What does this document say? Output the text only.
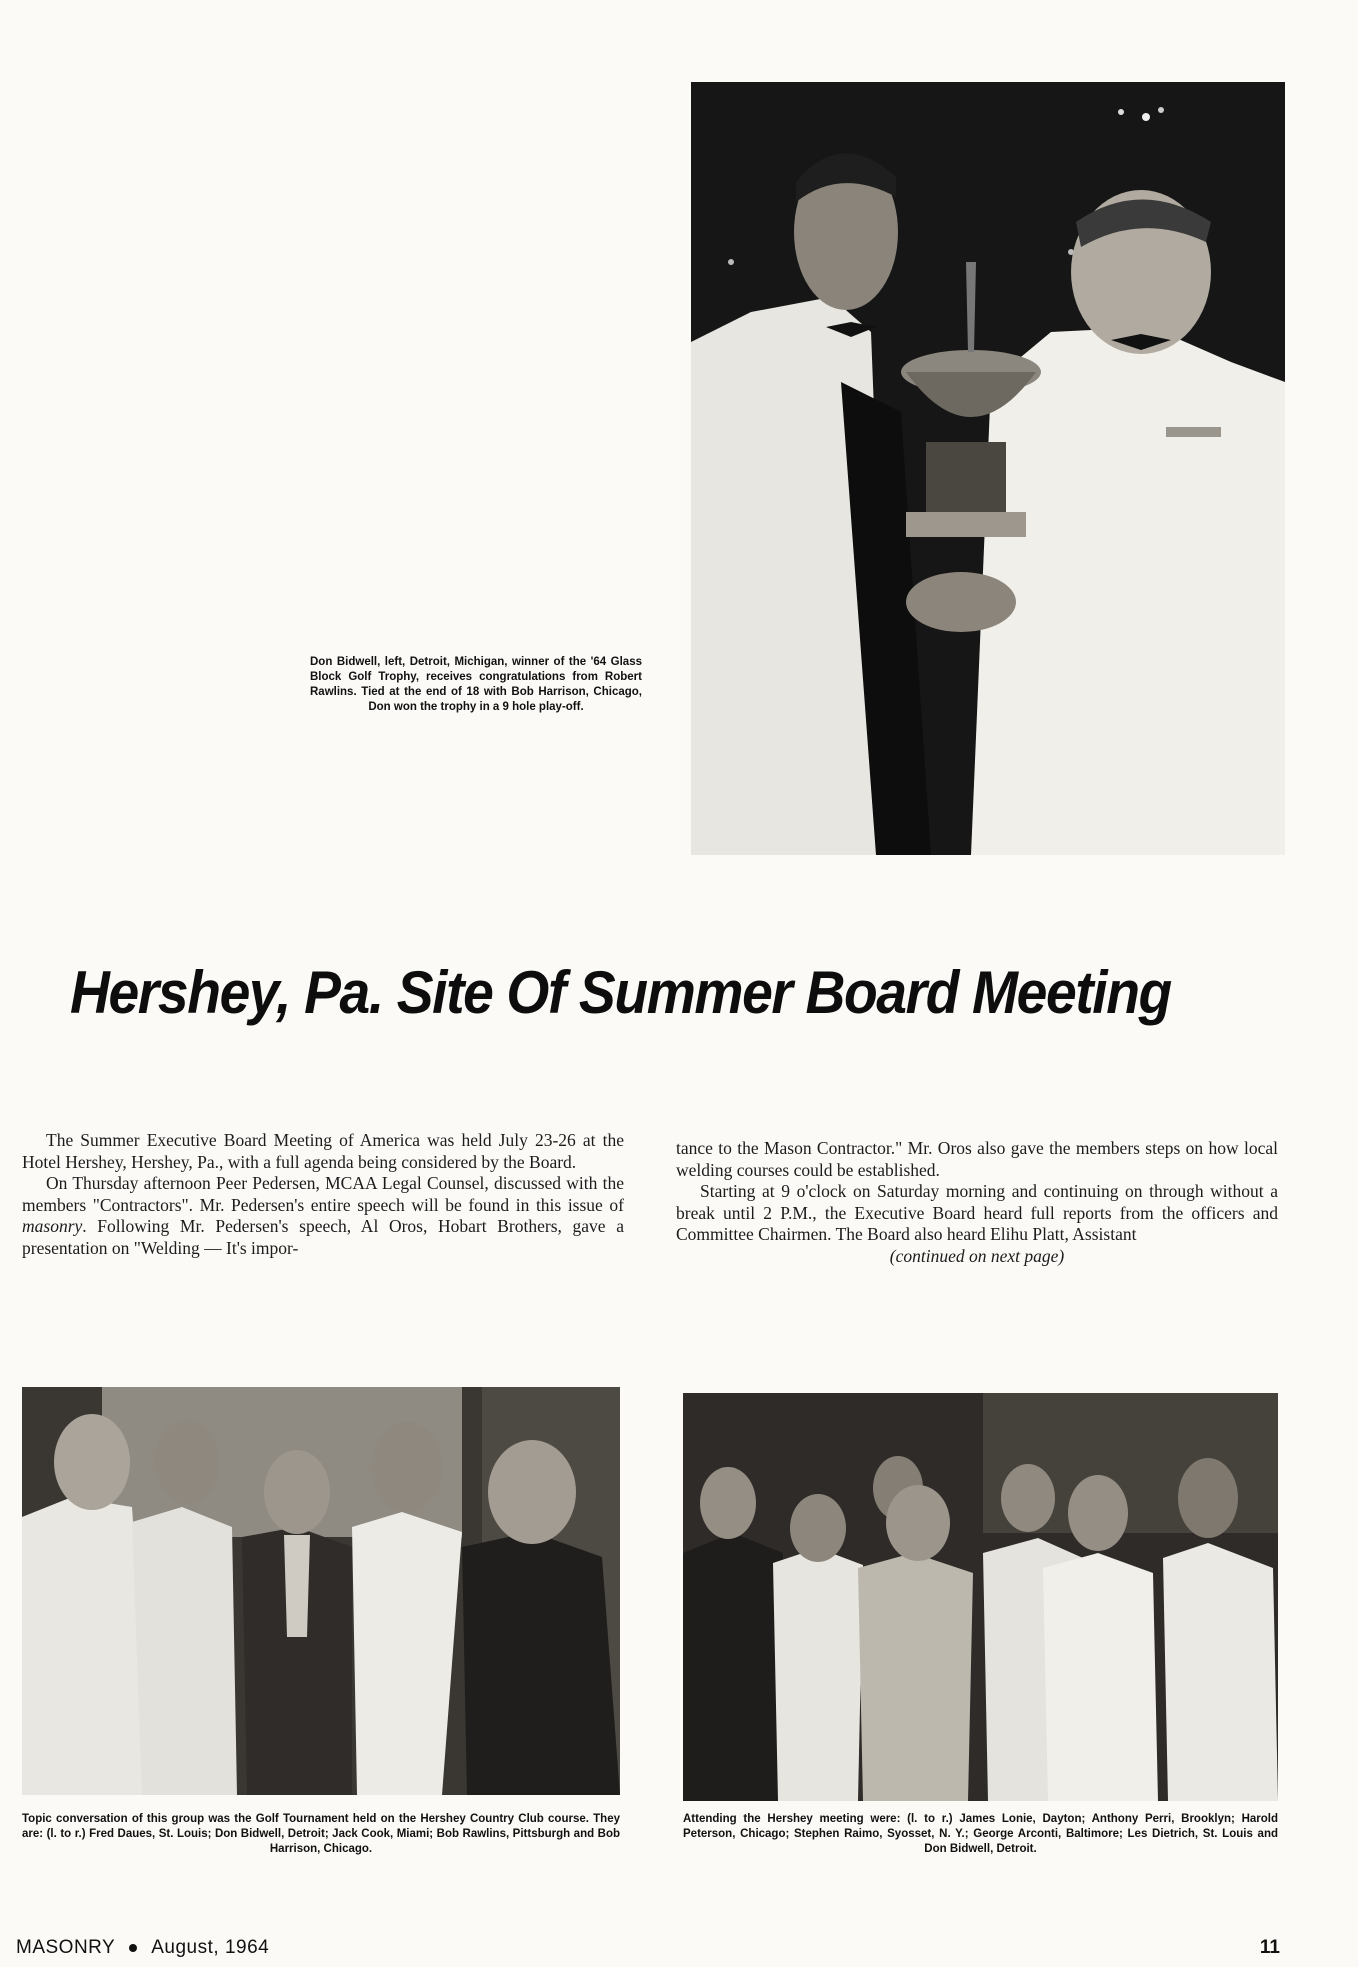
Don Bidwell, left, Detroit, Michigan, winner of the '64 Glass Block Golf Trophy, receives congratulations from Robert Rawlins. Tied at the end of 18 with Bob Harrison, Chicago, Don won the trophy in a 9 hole play-off.
Hershey, Pa. Site Of Summer Board Meeting

The Summer Executive Board Meeting of America was held July 23-26 at the Hotel Hershey, Hershey, Pa., with a full agenda being considered by the Board.

On Thursday afternoon Peer Pedersen, MCAA Legal Counsel, discussed with the members "Contractors". Mr. Pedersen's entire speech will be found in this issue of masonry. Following Mr. Pedersen's speech, Al Oros, Hobart Brothers, gave a presentation on "Welding — It's impor-

tance to the Mason Contractor." Mr. Oros also gave the members steps on how local welding courses could be established.

Starting at 9 o'clock on Saturday morning and continuing on through without a break until 2 P.M., the Executive Board heard full reports from the officers and Committee Chairmen. The Board also heard Elihu Platt, Assistant

(continued on next page)

Topic conversation of this group was the Golf Tournament held on the Hershey Country Club course. They are: (l. to r.) Fred Daues, St. Louis; Don Bidwell, Detroit; Jack Cook, Miami; Bob Rawlins, Pittsburgh and Bob Harrison, Chicago.
Attending the Hershey meeting were: (l. to r.) James Lonie, Dayton; Anthony Perri, Brooklyn; Harold Peterson, Chicago; Stephen Raimo, Syosset, N. Y.; George Arconti, Baltimore; Les Dietrich, St. Louis and Don Bidwell, Detroit.
MASONRY August, 1964	11
